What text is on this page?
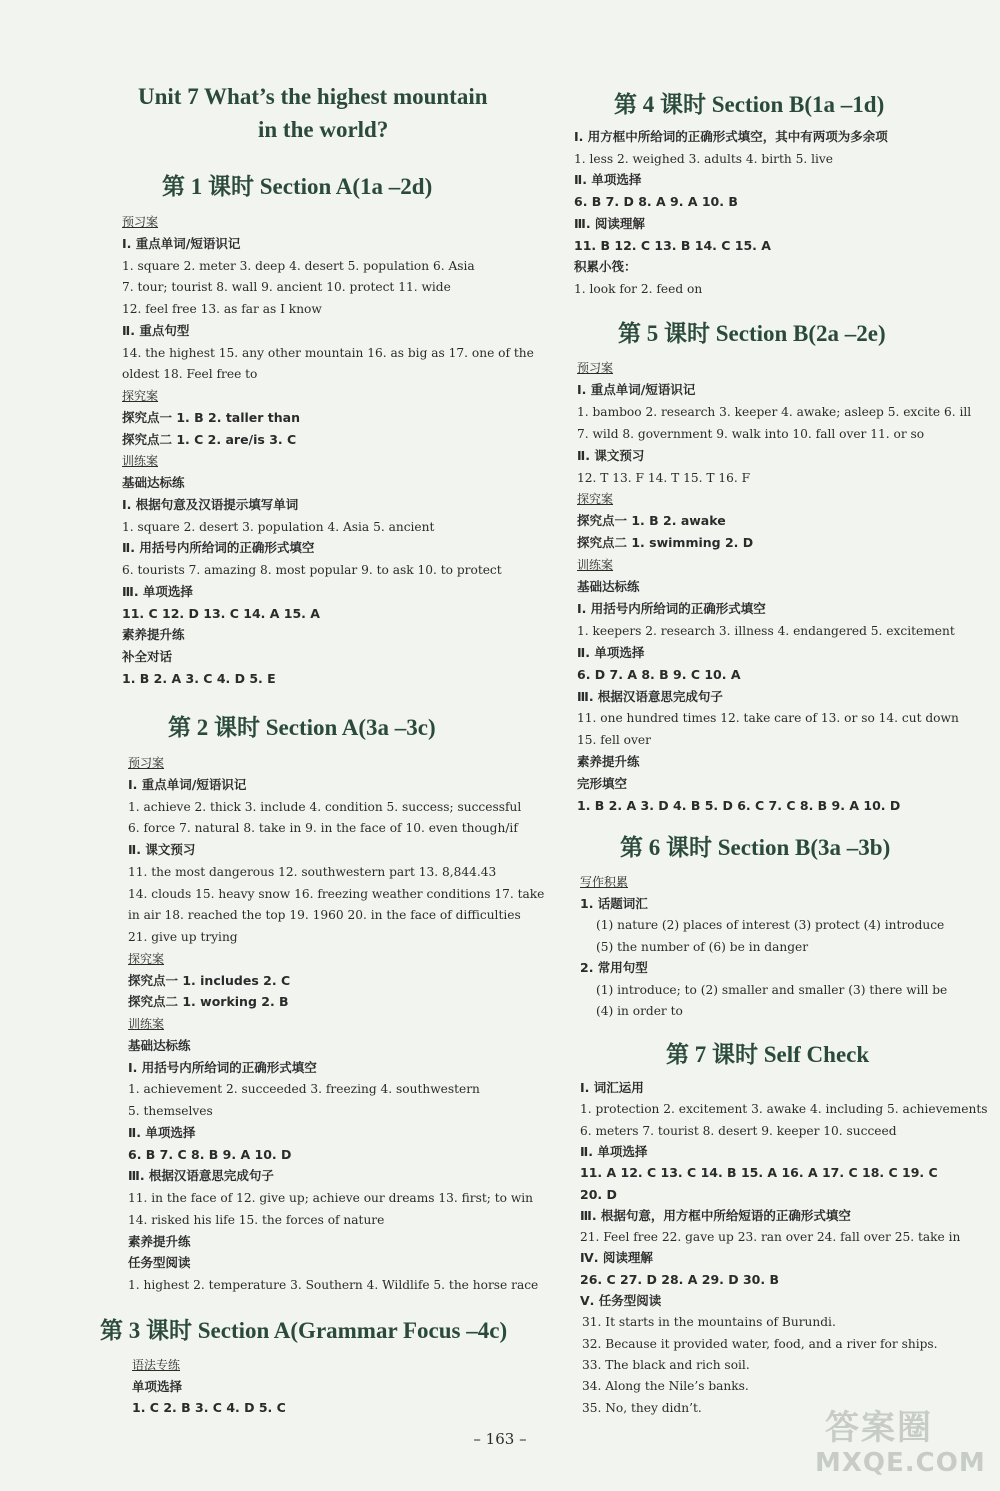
Unit 7 What’s the highest mountain
in the world?
第 1 课时 Section A(1a –2d)
预习案
Ⅰ. 重点单词/短语识记
1. square 2. meter 3. deep 4. desert 5. population 6. Asia
7. tour; tourist 8. wall 9. ancient 10. protect 11. wide
12. feel free 13. as far as I know
Ⅱ. 重点句型
14. the highest 15. any other mountain 16. as big as 17. one of the
oldest 18. Feel free to
探究案
探究点一 1. B 2. taller than
探究点二 1. C 2. are/is 3. C
训练案
基础达标练
Ⅰ. 根据句意及汉语提示填写单词
1. square 2. desert 3. population 4. Asia 5. ancient
Ⅱ. 用括号内所给词的正确形式填空
6. tourists 7. amazing 8. most popular 9. to ask 10. to protect
Ⅲ. 单项选择
11. C 12. D 13. C 14. A 15. A
素养提升练
补全对话
1. B 2. A 3. C 4. D 5. E
第 2 课时 Section A(3a –3c)
预习案
Ⅰ. 重点单词/短语识记
1. achieve 2. thick 3. include 4. condition 5. success; successful
6. force 7. natural 8. take in 9. in the face of 10. even though/if
Ⅱ. 课文预习
11. the most dangerous 12. southwestern part 13. 8,844.43
14. clouds 15. heavy snow 16. freezing weather conditions 17. take
in air 18. reached the top 19. 1960 20. in the face of difficulties
21. give up trying
探究案
探究点一 1. includes 2. C
探究点二 1. working 2. B
训练案
基础达标练
Ⅰ. 用括号内所给词的正确形式填空
1. achievement 2. succeeded 3. freezing 4. southwestern
5. themselves
Ⅱ. 单项选择
6. B 7. C 8. B 9. A 10. D
Ⅲ. 根据汉语意思完成句子
11. in the face of 12. give up; achieve our dreams 13. first; to win
14. risked his life 15. the forces of nature
素养提升练
任务型阅读
1. highest 2. temperature 3. Southern 4. Wildlife 5. the horse race
第 3 课时 Section A(Grammar Focus –4c)
语法专练
单项选择
1. C 2. B 3. C 4. D 5. C
第 4 课时 Section B(1a –1d)
Ⅰ. 用方框中所给词的正确形式填空，其中有两项为多余项
1. less 2. weighed 3. adults 4. birth 5. live
Ⅱ. 单项选择
6. B 7. D 8. A 9. A 10. B
Ⅲ. 阅读理解
11. B 12. C 13. B 14. C 15. A
积累小筏：
1. look for 2. feed on
第 5 课时 Section B(2a –2e)
预习案
Ⅰ. 重点单词/短语识记
1. bamboo 2. research 3. keeper 4. awake; asleep 5. excite 6. ill
7. wild 8. government 9. walk into 10. fall over 11. or so
Ⅱ. 课文预习
12. T 13. F 14. T 15. T 16. F
探究案
探究点一 1. B 2. awake
探究点二 1. swimming 2. D
训练案
基础达标练
Ⅰ. 用括号内所给词的正确形式填空
1. keepers 2. research 3. illness 4. endangered 5. excitement
Ⅱ. 单项选择
6. D 7. A 8. B 9. C 10. A
Ⅲ. 根据汉语意思完成句子
11. one hundred times 12. take care of 13. or so 14. cut down
15. fell over
素养提升练
完形填空
1. B 2. A 3. D 4. B 5. D 6. C 7. C 8. B 9. A 10. D
第 6 课时 Section B(3a –3b)
写作积累
1. 话题词汇
(1) nature (2) places of interest (3) protect (4) introduce
(5) the number of (6) be in danger
2. 常用句型
(1) introduce; to (2) smaller and smaller (3) there will be
(4) in order to
第 7 课时 Self Check
Ⅰ. 词汇运用
1. protection 2. excitement 3. awake 4. including 5. achievements
6. meters 7. tourist 8. desert 9. keeper 10. succeed
Ⅱ. 单项选择
11. A 12. C 13. C 14. B 15. A 16. A 17. C 18. C 19. C
20. D
Ⅲ. 根据句意，用方框中所给短语的正确形式填空
21. Feel free 22. gave up 23. ran over 24. fall over 25. take in
Ⅳ. 阅读理解
26. C 27. D 28. A 29. D 30. B
Ⅴ. 任务型阅读
31. It starts in the mountains of Burundi.
32. Because it provided water, food, and a river for ships.
33. The black and rich soil.
34. Along the Nile’s banks.
35. No, they didn’t.
– 163 –	答案圈
MXQE.COM
